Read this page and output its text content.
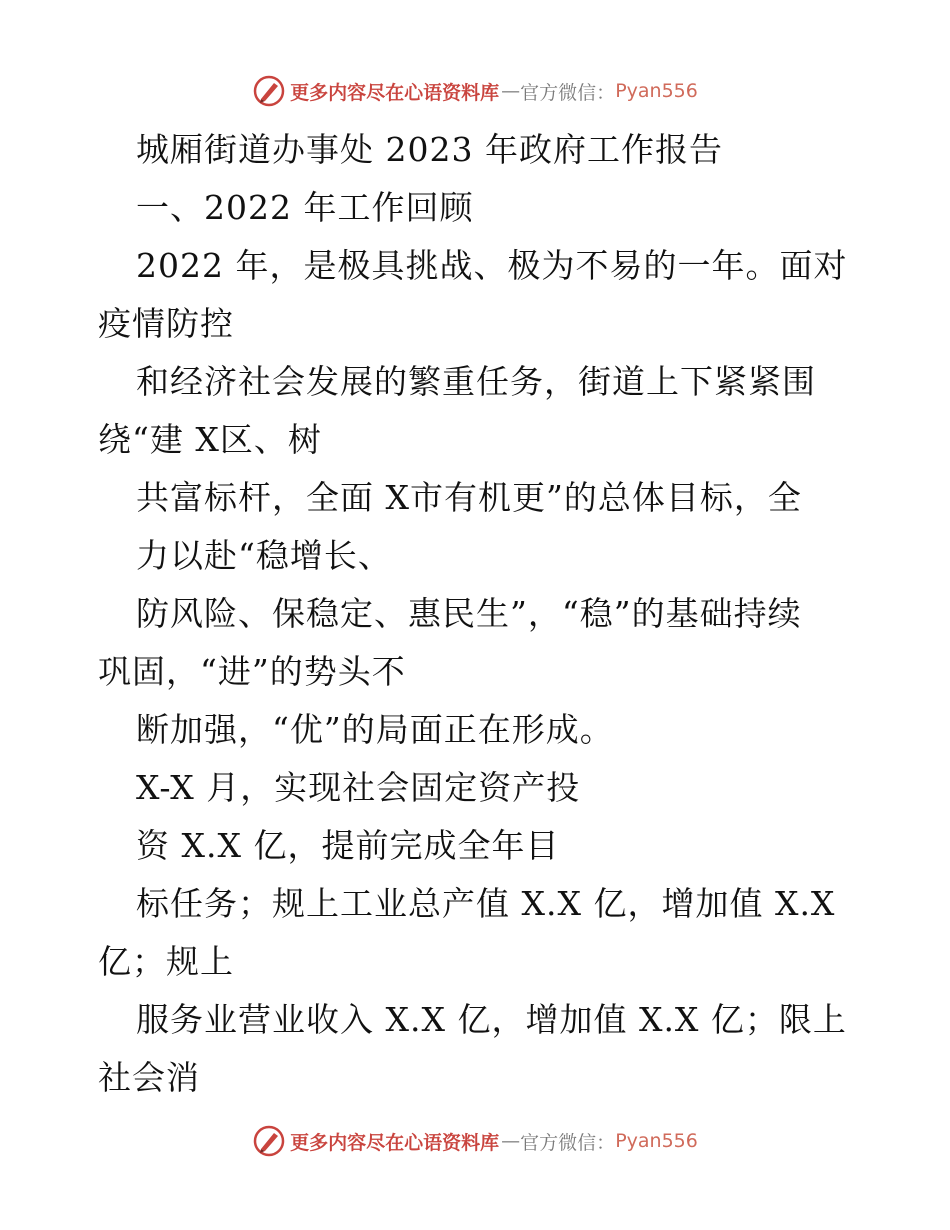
更多内容尽在心语资料库 — 官方微信： Pyan556
城厢街道办事处 2023 年政府工作报告
一、2022 年工作回顾
2022 年，是极具挑战、极为不易的一年。面对
疫情防控
和经济社会发展的繁重任务，街道上下紧紧围
绕“建 X区、树
共富标杆，全面 X市有机更”的总体目标，全
力以赴“稳增长、
防风险、保稳定、惠民生”，“稳”的基础持续
巩固，“进”的势头不
断加强，“优”的局面正在形成。
X-X 月，实现社会固定资产投
资 X.X 亿，提前完成全年目
标任务；规上工业总产值 X.X 亿，增加值 X.X
亿；规上
服务业营业收入 X.X 亿，增加值 X.X 亿；限上
社会消
更多内容尽在心语资料库 — 官方微信： Pyan556
